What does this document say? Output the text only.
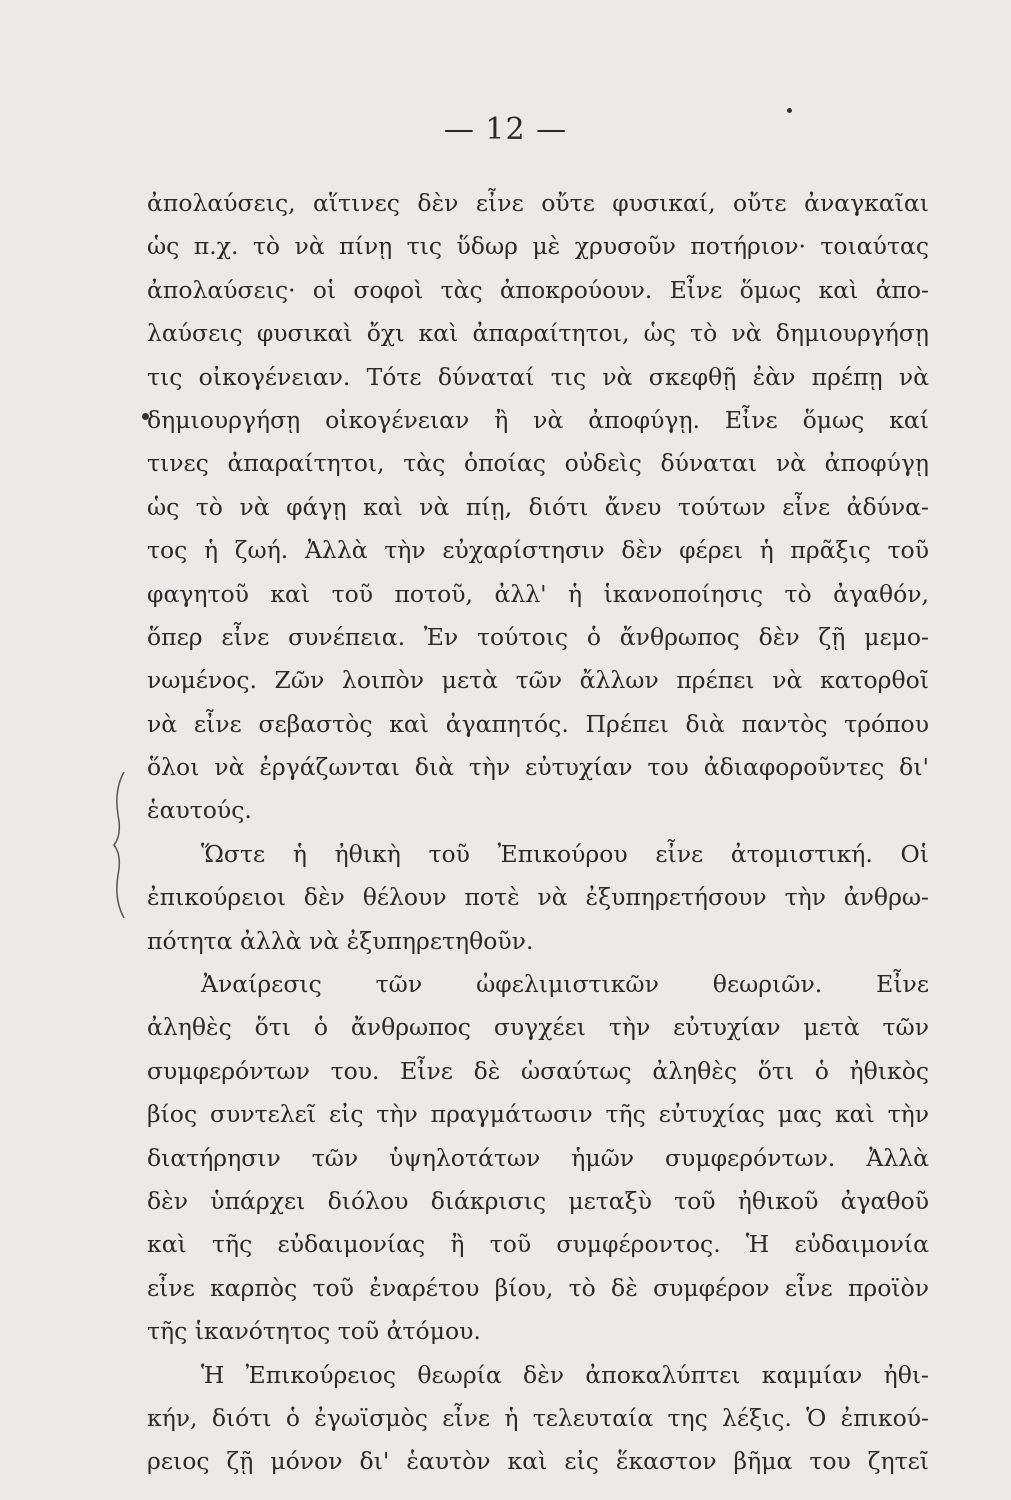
— 12 —
ἀπολαύσεις, αἵτινες δὲν εἶνε οὔτε φυσικαί, οὔτε ἀναγκαῖαι
ὡς π.χ. τὸ νὰ πίνῃ τις ὕδωρ μὲ χρυσοῦν ποτήριον· τοιαύτας
ἀπολαύσεις· οἱ σοφοὶ τὰς ἀποκρούουν. Εἶνε ὅμως καὶ ἀπο-
λαύσεις φυσικαὶ ὄχι καὶ ἀπαραίτητοι, ὡς τὸ νὰ δημιουργήσῃ
τις οἰκογένειαν. Τότε δύναταί τις νὰ σκεφθῇ ἐὰν πρέπῃ νὰ
δημιουργήσῃ οἰκογένειαν ἢ νὰ ἀποφύγῃ. Εἶνε ὅμως καί
τινες ἀπαραίτητοι, τὰς ὁποίας οὐδεὶς δύναται νὰ ἀποφύγῃ
ὡς τὸ νὰ φάγῃ καὶ νὰ πίῃ, διότι ἄνευ τούτων εἶνε ἀδύνα-
τος ἡ ζωή. Ἀλλὰ τὴν εὐχαρίστησιν δὲν φέρει ἡ πρᾶξις τοῦ
φαγητοῦ καὶ τοῦ ποτοῦ, ἀλλ' ἡ ἱκανοποίησις τὸ ἀγαθόν,
ὅπερ εἶνε συνέπεια. Ἐν τούτοις ὁ ἄνθρωπος δὲν ζῇ μεμο-
νωμένος. Ζῶν λοιπὸν μετὰ τῶν ἄλλων πρέπει νὰ κατορθοῖ
νὰ εἶνε σεβαστὸς καὶ ἀγαπητός. Πρέπει διὰ παντὸς τρόπου
ὅλοι νὰ ἐργάζωνται διὰ τὴν εὐτυχίαν του ἀδιαφοροῦντες δι'
ἑαυτούς.
Ὥστε ἡ ἠθικὴ τοῦ Ἐπικούρου εἶνε ἀτομιστική. Οἱ
ἐπικούρειοι δὲν θέλουν ποτὲ νὰ ἐξυπηρετήσουν τὴν ἀνθρω-
πότητα ἀλλὰ νὰ ἐξυπηρετηθοῦν.
Ἀναίρεσις τῶν ὠφελιμιστικῶν θεωριῶν. Εἶνε
ἀληθὲς ὅτι ὁ ἄνθρωπος συγχέει τὴν εὐτυχίαν μετὰ τῶν
συμφερόντων του. Εἶνε δὲ ὡσαύτως ἀληθὲς ὅτι ὁ ἠθικὸς
βίος συντελεῖ εἰς τὴν πραγμάτωσιν τῆς εὐτυχίας μας καὶ τὴν
διατήρησιν τῶν ὑψηλοτάτων ἡμῶν συμφερόντων. Ἀλλὰ
δὲν ὑπάρχει διόλου διάκρισις μεταξὺ τοῦ ἠθικοῦ ἀγαθοῦ
καὶ τῆς εὐδαιμονίας ἢ τοῦ συμφέροντος. Ἡ εὐδαιμονία
εἶνε καρπὸς τοῦ ἐναρέτου βίου, τὸ δὲ συμφέρον εἶνε προϊὸν
τῆς ἱκανότητος τοῦ ἀτόμου.
Ἡ Ἐπικούρειος θεωρία δὲν ἀποκαλύπτει καμμίαν ἠθι-
κήν, διότι ὁ ἐγωϊσμὸς εἶνε ἡ τελευταία της λέξις. Ὁ ἐπικού-
ρειος ζῇ μόνον δι' ἑαυτὸν καὶ εἰς ἕκαστον βῆμα του ζητεῖ
